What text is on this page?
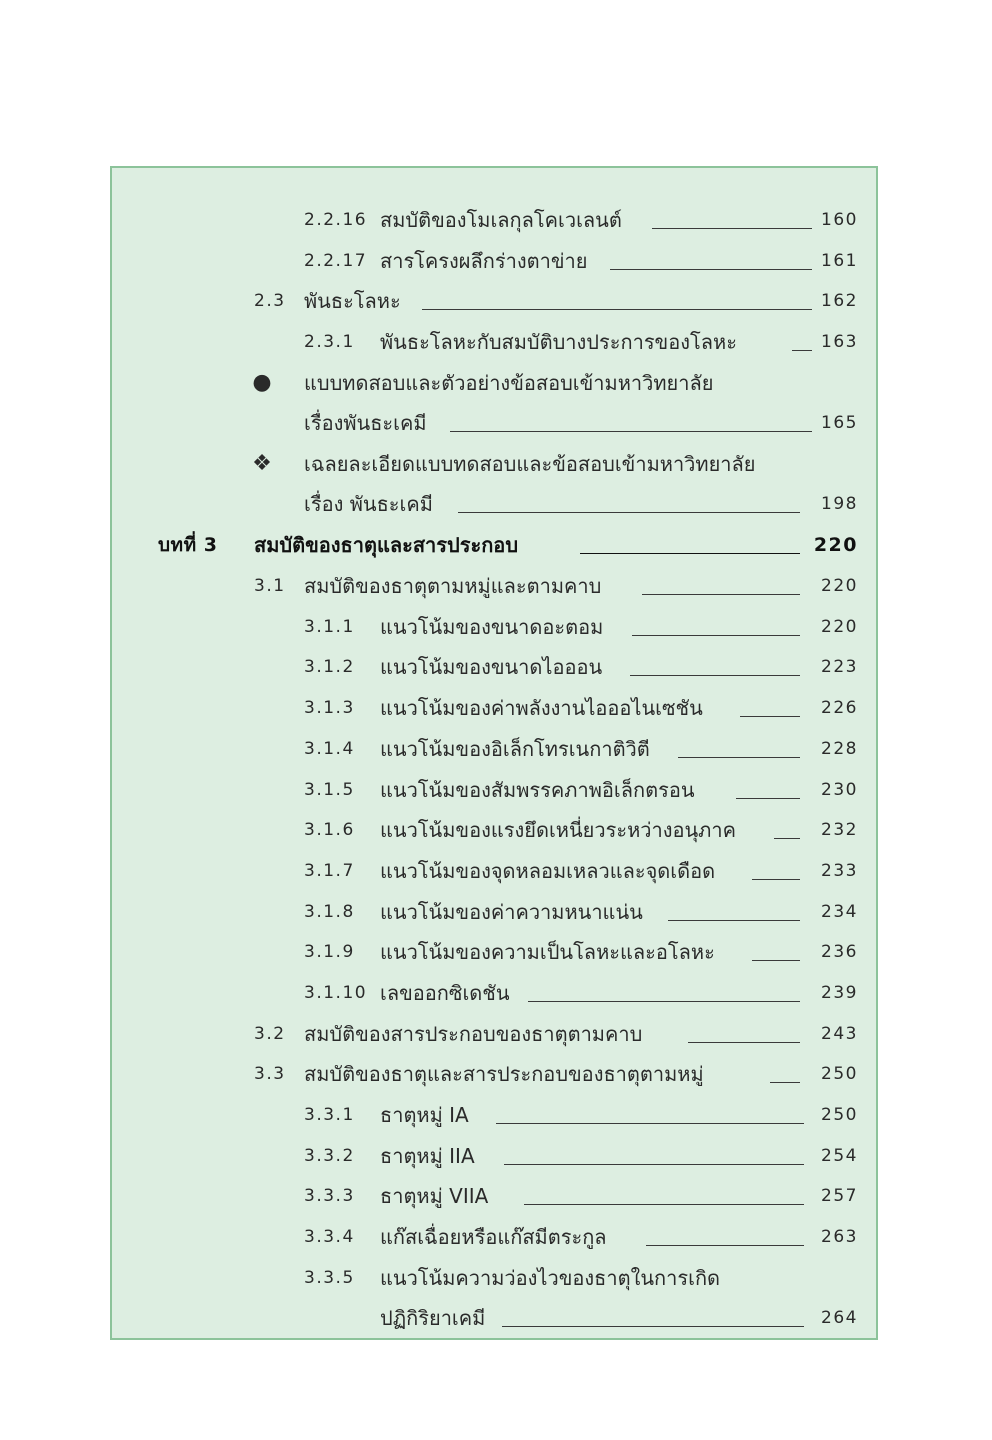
2.2.16 สมบัติของโมเลกุลโคเวเลนต์	160
2.2.17 สารโครงผลึกร่างตาข่าย	161
2.3 พันธะโลหะ	162
2.3.1 พันธะโลหะกับสมบัติบางประการของโลหะ	163
● แบบทดสอบและตัวอย่างข้อสอบเข้ามหาวิทยาลัย
เรื่องพันธะเคมี	165
❖ เฉลยละเอียดแบบทดสอบและข้อสอบเข้ามหาวิทยาลัย
เรื่อง พันธะเคมี	198
บทที่ 3 สมบัติของธาตุและสารประกอบ	220
3.1 สมบัติของธาตุตามหมู่และตามคาบ	220
3.1.1 แนวโน้มของขนาดอะตอม	220
3.1.2 แนวโน้มของขนาดไอออน	223
3.1.3 แนวโน้มของค่าพลังงานไอออไนเซชัน	226
3.1.4 แนวโน้มของอิเล็กโทรเนกาติวิตี	228
3.1.5 แนวโน้มของสัมพรรคภาพอิเล็กตรอน	230
3.1.6 แนวโน้มของแรงยึดเหนี่ยวระหว่างอนุภาค	232
3.1.7 แนวโน้มของจุดหลอมเหลวและจุดเดือด	233
3.1.8 แนวโน้มของค่าความหนาแน่น	234
3.1.9 แนวโน้มของความเป็นโลหะและอโลหะ	236
3.1.10 เลขออกซิเดชัน	239
3.2 สมบัติของสารประกอบของธาตุตามคาบ	243
3.3 สมบัติของธาตุและสารประกอบของธาตุตามหมู่	250
3.3.1 ธาตุหมู่ IA	250
3.3.2 ธาตุหมู่ IIA	254
3.3.3 ธาตุหมู่ VIIA	257
3.3.4 แก๊สเฉื่อยหรือแก๊สมีตระกูล	263
3.3.5 แนวโน้มความว่องไวของธาตุในการเกิด
ปฏิกิริยาเคมี	264
